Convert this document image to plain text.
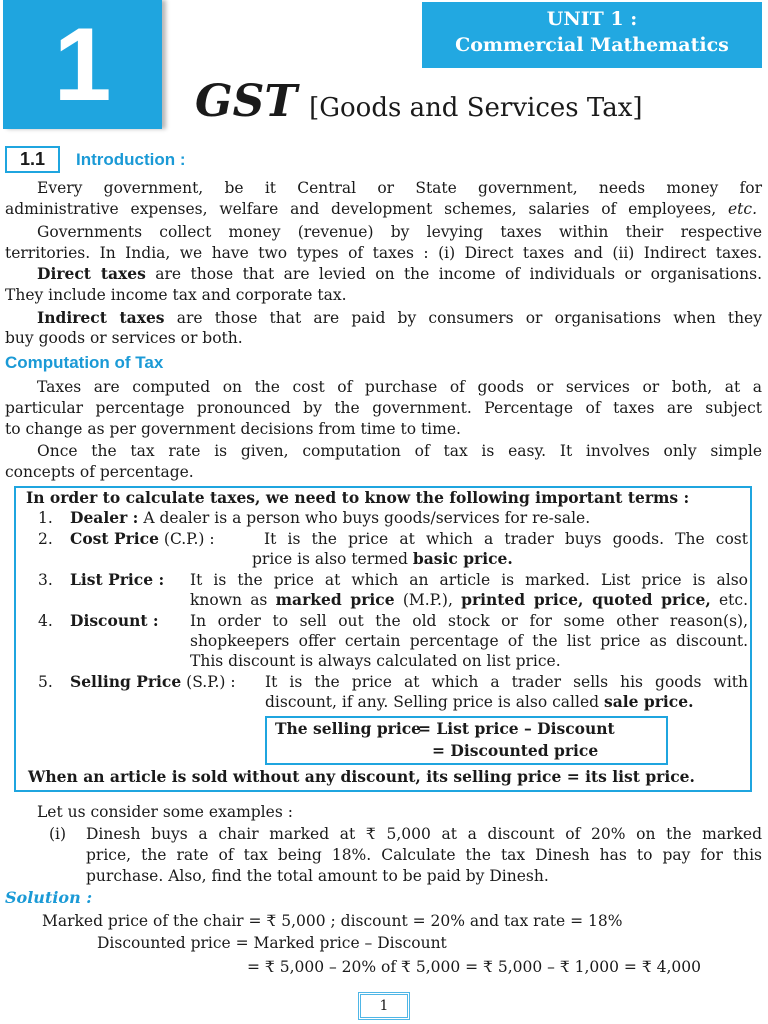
1	UNIT 1 :
Commercial Mathematics
GST [Goods and Services Tax]
1.1 Introduction :
Every government, be it Central or State government, needs money for
administrative expenses, welfare and development schemes, salaries of employees, etc.
Governments collect money (revenue) by levying taxes within their respective
territories. In India, we have two types of taxes : (i) Direct taxes and (ii) Indirect taxes.
Direct taxes are those that are levied on the income of individuals or organisations.
They include income tax and corporate tax.
Indirect taxes are those that are paid by consumers or organisations when they
buy goods or services or both.
Computation of Tax
Taxes are computed on the cost of purchase of goods or services or both, at a
particular percentage pronounced by the government. Percentage of taxes are subject
to change as per government decisions from time to time.
Once the tax rate is given, computation of tax is easy. It involves only simple
concepts of percentage.
In order to calculate taxes, we need to know the following important terms :
1. Dealer : A dealer is a person who buys goods/services for re-sale.
2. Cost Price (C.P.) :	It is the price at which a trader buys goods. The cost
price is also termed basic price.
3. List Price : It is the price at which an article is marked. List price is also
known as marked price (M.P.), printed price, quoted price, etc.
4. Discount : In order to sell out the old stock or for some other reason(s),
shopkeepers offer certain percentage of the list price as discount.
This discount is always calculated on list price.
5. Selling Price (S.P.) : It is the price at which a trader sells his goods with
discount, if any. Selling price is also called sale price.
The selling price
= List price – Discount
= Discounted price
When an article is sold without any discount, its selling price = its list price.
Let us consider some examples :
(i) Dinesh buys a chair marked at ₹ 5,000 at a discount of 20% on the marked
price, the rate of tax being 18%. Calculate the tax Dinesh has to pay for this
purchase. Also, find the total amount to be paid by Dinesh.
Solution :
Marked price of the chair = ₹ 5,000 ; discount = 20% and tax rate = 18%
Discounted price = Marked price – Discount
= ₹ 5,000 – 20% of ₹ 5,000 = ₹ 5,000 – ₹ 1,000 = ₹ 4,000
1
